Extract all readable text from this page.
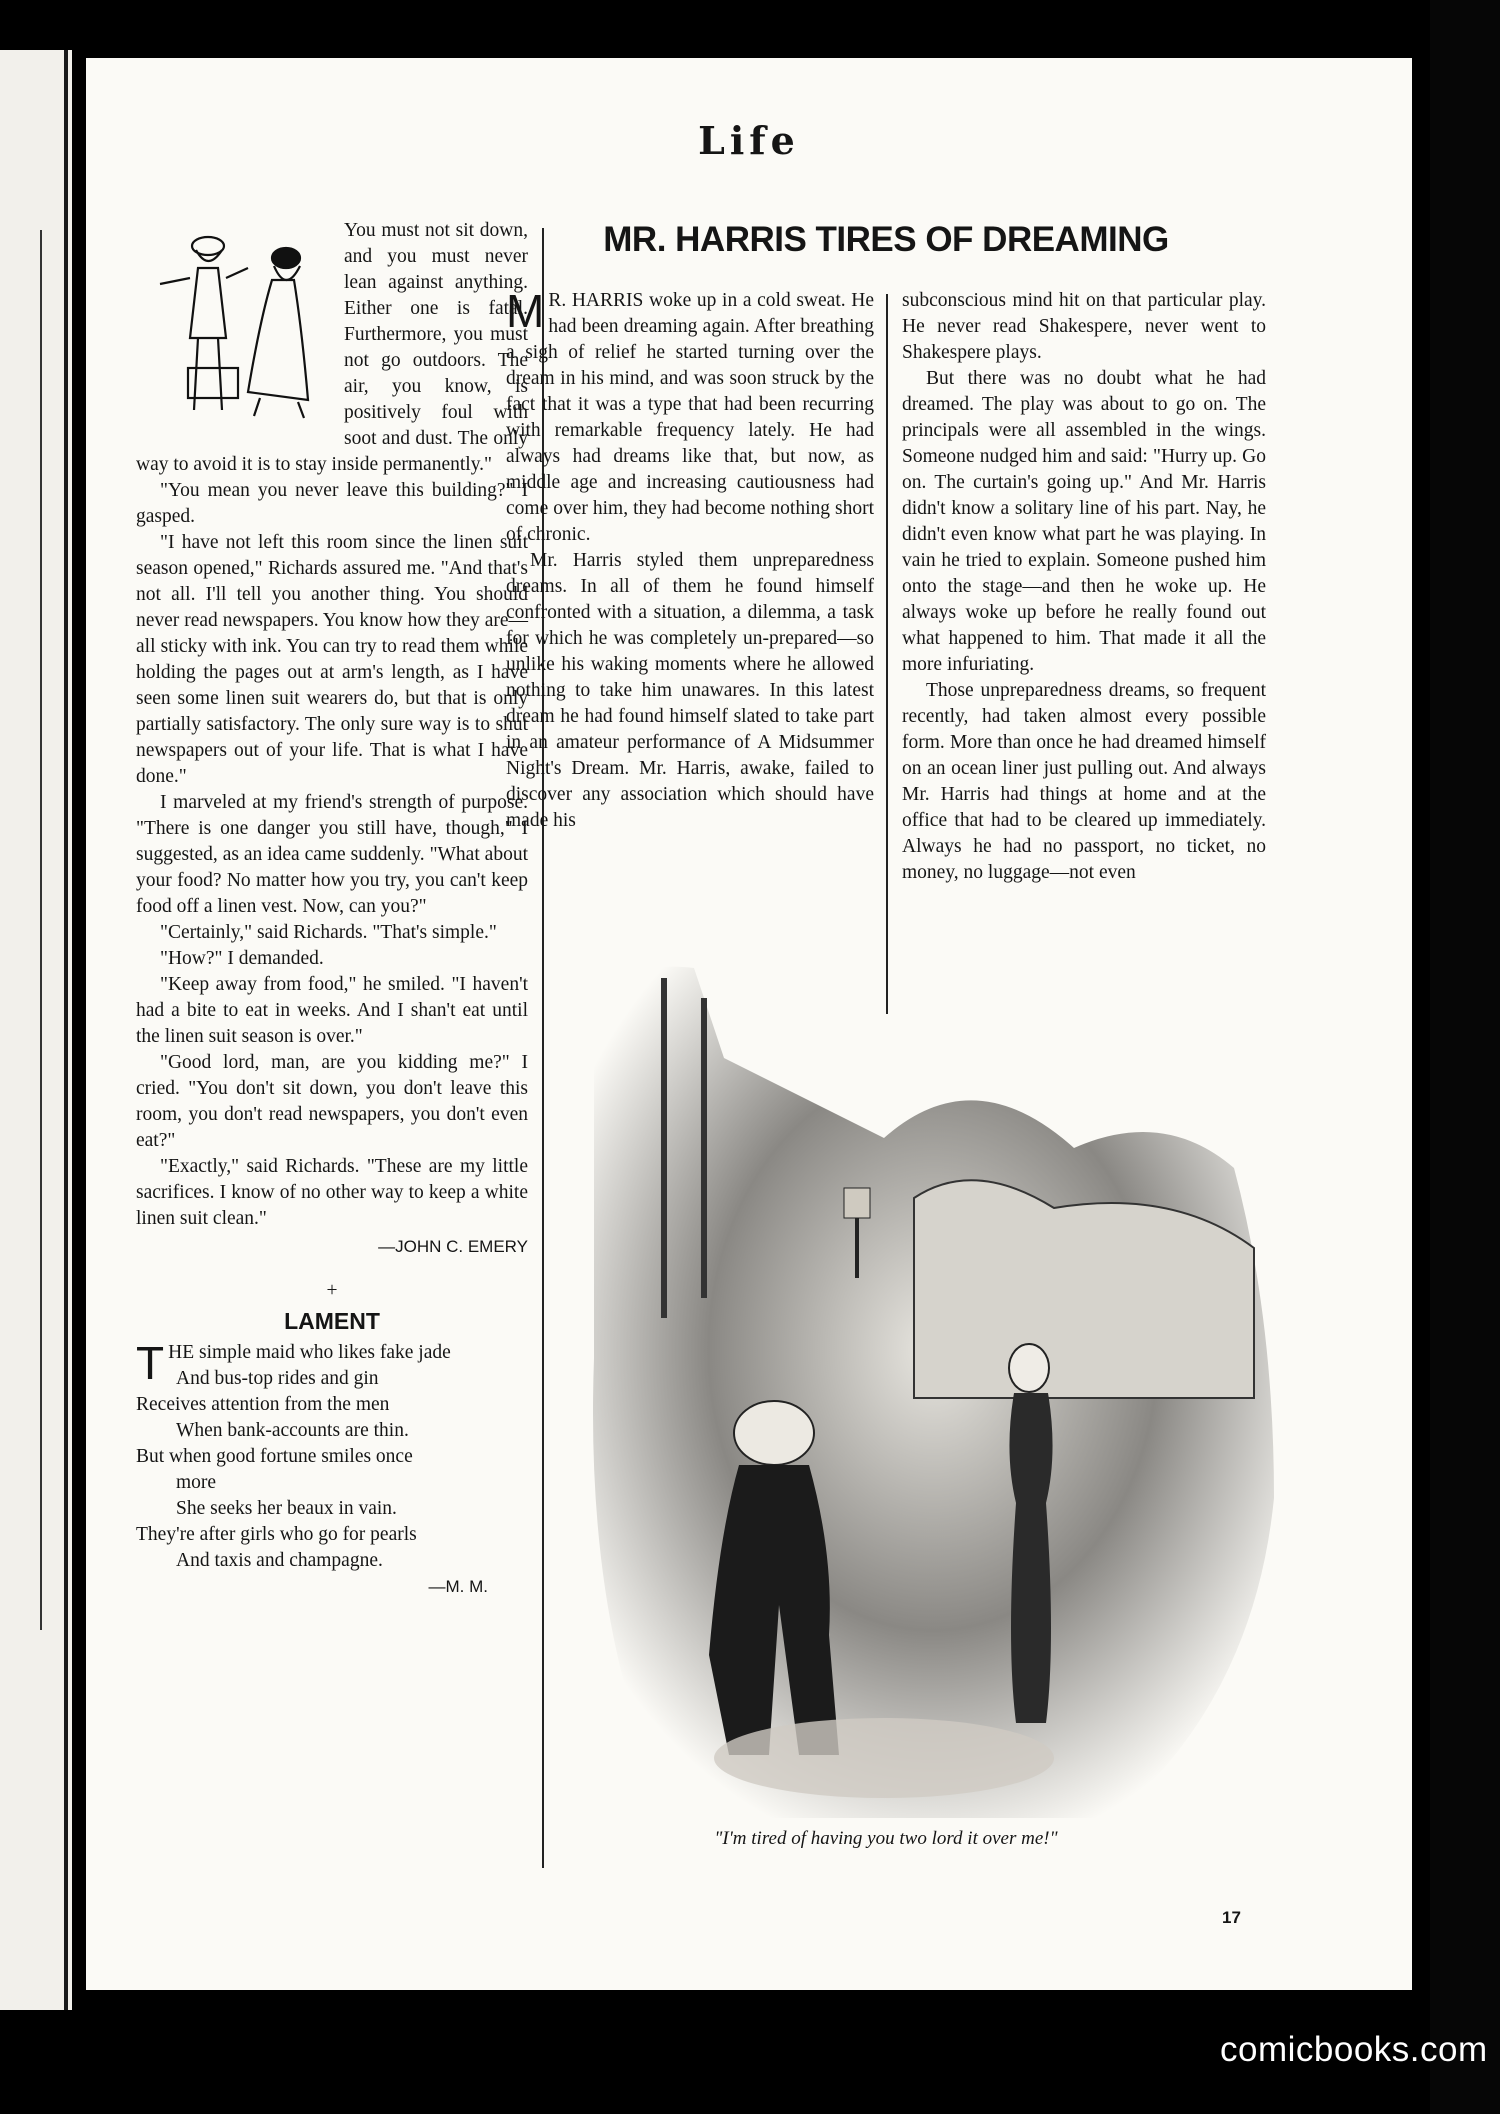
Life

You must not sit down, and you must never lean against anything. Either one is fatal. Furthermore, you must not go outdoors. The air, you know, is positively foul with soot and dust. The only way to avoid it is to stay inside permanently."

"You mean you never leave this building?" I gasped.

"I have not left this room since the linen suit season opened," Richards assured me. "And that's not all. I'll tell you another thing. You should never read newspapers. You know how they are—all sticky with ink. You can try to read them while holding the pages out at arm's length, as I have seen some linen suit wearers do, but that is only partially satisfactory. The only sure way is to shut newspapers out of your life. That is what I have done."

I marveled at my friend's strength of purpose. "There is one danger you still have, though," I suggested, as an idea came suddenly. "What about your food? No matter how you try, you can't keep food off a linen vest. Now, can you?"

"Certainly," said Richards. "That's simple."

"How?" I demanded.

"Keep away from food," he smiled. "I haven't had a bite to eat in weeks. And I shan't eat until the linen suit season is over."

"Good lord, man, are you kidding me?" I cried. "You don't sit down, you don't leave this room, you don't read newspapers, you don't even eat?"

"Exactly," said Richards. "These are my little sacrifices. I know of no other way to keep a white linen suit clean."

—JOHN C. EMERY
+
LAMENT
T HE simple maid who likes fake jade
And bus-top rides and gin
Receives attention from the men
When bank-accounts are thin.
But when good fortune smiles once
more
She seeks her beaux in vain.
They're after girls who go for pearls
And taxis and champagne.
—M. M.
MR. HARRIS TIRES OF DREAMING

M R. HARRIS woke up in a cold sweat. He had been dreaming again. After breathing a sigh of relief he started turning over the dream in his mind, and was soon struck by the fact that it was a type that had been recurring with remarkable frequency lately. He had always had dreams like that, but now, as middle age and increasing cautiousness had come over him, they had become nothing short of chronic.

Mr. Harris styled them unpreparedness dreams. In all of them he found himself confronted with a situation, a dilemma, a task for which he was completely un-prepared—so unlike his waking moments where he allowed nothing to take him unawares. In this latest dream he had found himself slated to take part in an amateur performance of A Midsummer Night's Dream. Mr. Harris, awake, failed to discover any association which should have made his

subconscious mind hit on that particular play. He never read Shakespere, never went to Shakespere plays.

But there was no doubt what he had dreamed. The play was about to go on. The principals were all assembled in the wings. Someone nudged him and said: "Hurry up. Go on. The curtain's going up." And Mr. Harris didn't know a solitary line of his part. Nay, he didn't even know what part he was playing. In vain he tried to explain. Someone pushed him onto the stage—and then he woke up. He always woke up before he really found out what happened to him. That made it all the more infuriating.

Those unpreparedness dreams, so frequent recently, had taken almost every possible form. More than once he had dreamed himself on an ocean liner just pulling out. And always Mr. Harris had things at home and at the office that had to be cleared up immediately. Always he had no passport, no ticket, no money, no luggage—not even

"I'm tired of having you two lord it over me!"
17
comicbooks.com
